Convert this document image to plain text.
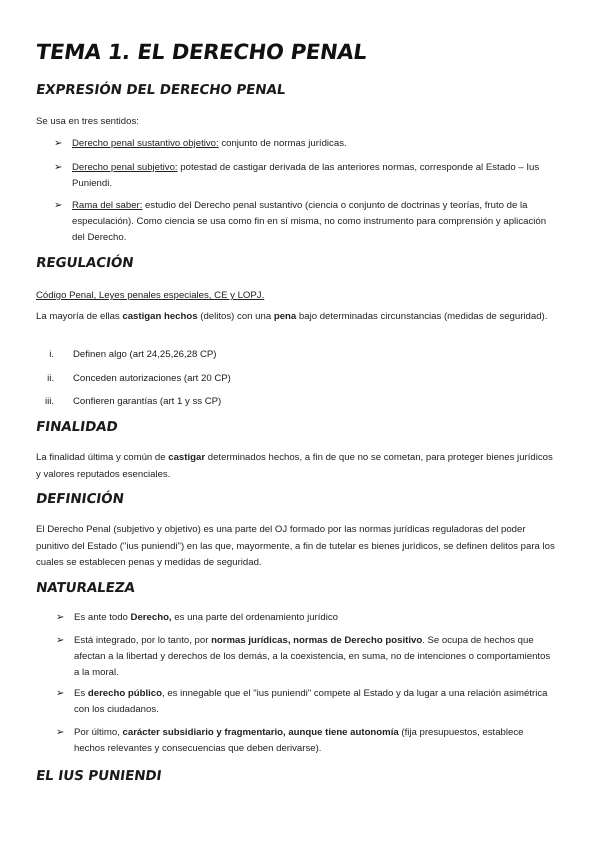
TEMA 1. EL DERECHO PENAL
EXPRESIÓN DEL DERECHO PENAL
Se usa en tres sentidos:
➢	Derecho penal sustantivo objetivo: conjunto de normas jurídicas.
➢	Derecho penal subjetivo: potestad de castigar derivada de las anteriores normas, corresponde al Estado – Ius Puniendi.
➢	Rama del saber: estudio del Derecho penal sustantivo (ciencia o conjunto de doctrinas y teorías, fruto de la especulación). Como ciencia se usa como fin en sí misma, no como instrumento para comprensión y aplicación del Derecho.
REGULACIÓN
Código Penal, Leyes penales especiales, CE y LOPJ.
La mayoría de ellas castigan hechos (delitos) con una pena bajo determinadas circunstancias (medidas de seguridad).
i. Definen algo (art 24,25,26,28 CP)
ii. Conceden autorizaciones (art 20 CP)
iii. Confieren garantías (art 1 y ss CP)
FINALIDAD
La finalidad última y común de castigar determinados hechos, a fin de que no se cometan, para proteger bienes jurídicos y valores reputados esenciales.
DEFINICIÓN
El Derecho Penal (subjetivo y objetivo) es una parte del OJ formado por las normas jurídicas reguladoras del poder punitivo del Estado ("ius puniendi") en las que, mayormente, a fin de tutelar es bienes jurídicos, se definen delitos para los cuales se establecen penas y medidas de seguridad.
NATURALEZA
➢	Es ante todo Derecho, es una parte del ordenamiento jurídico
➢	Está integrado, por lo tanto, por normas jurídicas, normas de Derecho positivo. Se ocupa de hechos que afectan a la libertad y derechos de los demás, a la coexistencia, en suma, no de intenciones o comportamientos a la moral.
➢	Es derecho público, es innegable que el "ius puniendi" compete al Estado y da lugar a una relación asimétrica con los ciudadanos.
➢	Por último, carácter subsidiario y fragmentario, aunque tiene autonomía (fija presupuestos, establece hechos relevantes y consecuencias que deben derivarse).
EL IUS PUNIENDI
